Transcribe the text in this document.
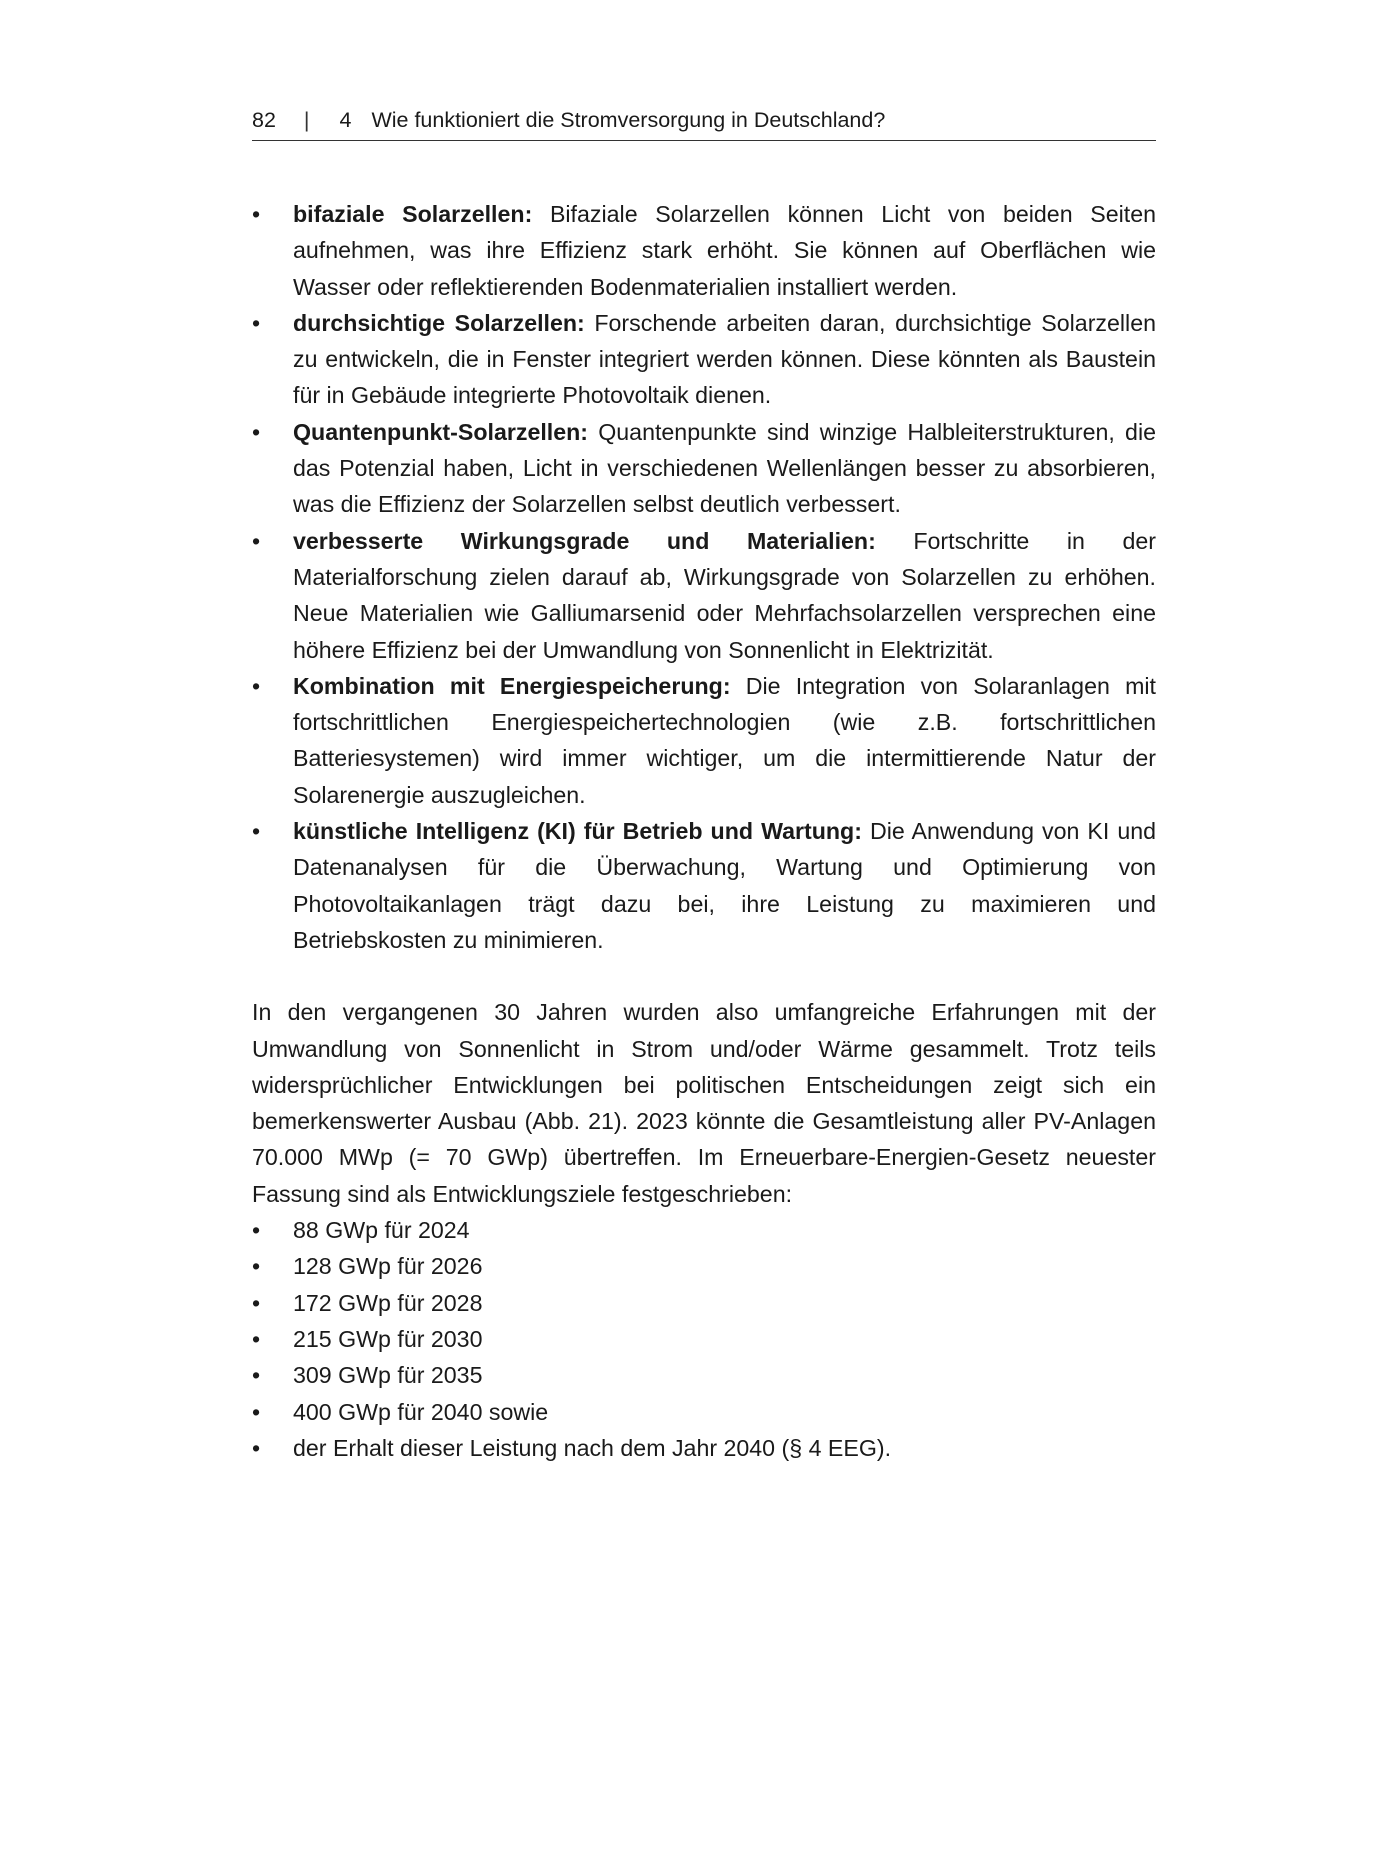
82 | 4 Wie funktioniert die Stromversorgung in Deutschland?
• bifaziale Solarzellen: Bifaziale Solarzellen können Licht von beiden Seiten aufnehmen, was ihre Effizienz stark erhöht. Sie können auf Oberflächen wie Wasser oder reflektierenden Bodenmaterialien installiert werden.
• durchsichtige Solarzellen: Forschende arbeiten daran, durchsichtige Solarzellen zu entwickeln, die in Fenster integriert werden können. Diese könnten als Baustein für in Gebäude integrierte Photovoltaik dienen.
• Quantenpunkt-Solarzellen: Quantenpunkte sind winzige Halbleiterstrukturen, die das Potenzial haben, Licht in verschiedenen Wellenlängen besser zu absorbieren, was die Effizienz der Solarzellen selbst deutlich verbessert.
• verbesserte Wirkungsgrade und Materialien: Fortschritte in der Materialforschung zielen darauf ab, Wirkungsgrade von Solarzellen zu erhöhen. Neue Materialien wie Galliumarsenid oder Mehrfachsolarzellen versprechen eine höhere Effizienz bei der Umwandlung von Sonnenlicht in Elektrizität.
• Kombination mit Energiespeicherung: Die Integration von Solaranlagen mit fortschrittlichen Energiespeichertechnologien (wie z.B. fortschrittlichen Batteriesystemen) wird immer wichtiger, um die intermittierende Natur der Solarenergie auszugleichen.
• künstliche Intelligenz (KI) für Betrieb und Wartung: Die Anwendung von KI und Datenanalysen für die Überwachung, Wartung und Optimierung von Photovoltaikanlagen trägt dazu bei, ihre Leistung zu maximieren und Betriebskosten zu minimieren.

In den vergangenen 30 Jahren wurden also umfangreiche Erfahrungen mit der Umwandlung von Sonnenlicht in Strom und/oder Wärme gesammelt. Trotz teils widersprüchlicher Entwicklungen bei politischen Entscheidungen zeigt sich ein bemerkenswerter Ausbau (Abb. 21). 2023 könnte die Gesamtleistung aller PV-Anlagen 70.000 MWp (= 70 GWp) übertreffen. Im Erneuerbare-Energien-Gesetz neuester Fassung sind als Entwicklungsziele festgeschrieben:

• 88 GWp für 2024
• 128 GWp für 2026
• 172 GWp für 2028
• 215 GWp für 2030
• 309 GWp für 2035
• 400 GWp für 2040 sowie
• der Erhalt dieser Leistung nach dem Jahr 2040 (§ 4 EEG).
